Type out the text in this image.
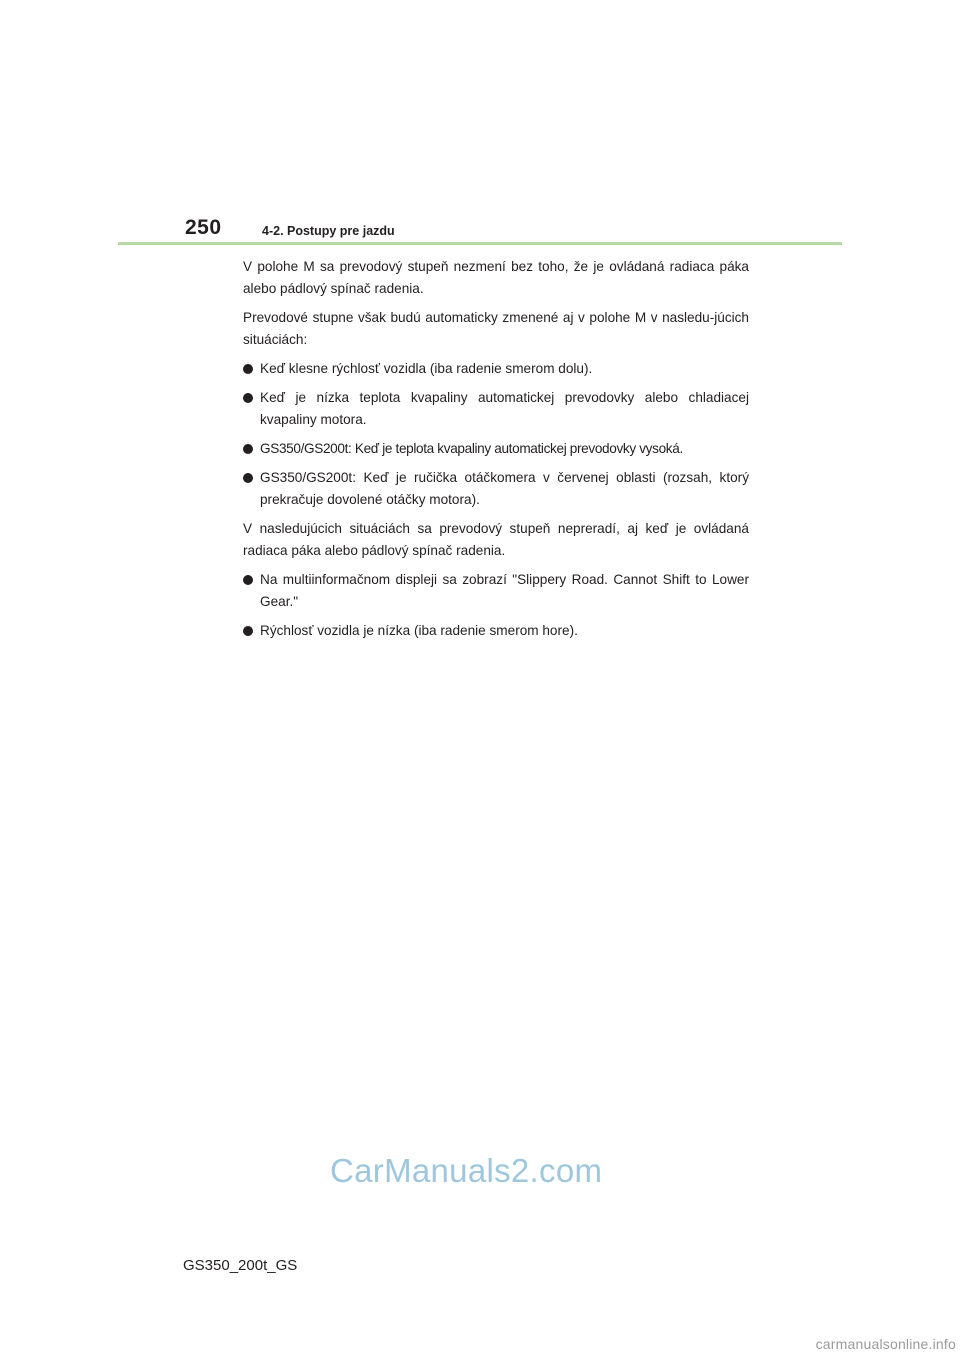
250	4-2. Postupy pre jazdu

V polohe M sa prevodový stupeň nezmení bez toho, že je ovládaná radiaca páka alebo pádlový spínač radenia.

Prevodové stupne však budú automaticky zmenené aj v polohe M v nasledu-júcich situáciách:

Keď klesne rýchlosť vozidla (iba radenie smerom dolu).
Keď je nízka teplota kvapaliny automatickej prevodovky alebo chladiacej kvapaliny motora.
GS350/GS200t: Keď je teplota kvapaliny automatickej prevodovky vysoká.
GS350/GS200t: Keď je ručička otáčkomera v červenej oblasti (rozsah, ktorý prekračuje dovolené otáčky motora).

V nasledujúcich situáciách sa prevodový stupeň nepreradí, aj keď je ovládaná radiaca páka alebo pádlový spínač radenia.

Na multiinformačnom displeji sa zobrazí "Slippery Road. Cannot Shift to Lower Gear."
Rýchlosť vozidla je nízka (iba radenie smerom hore).
CarManuals2.com
GS350_200t_GS
carmanualsonline.info
